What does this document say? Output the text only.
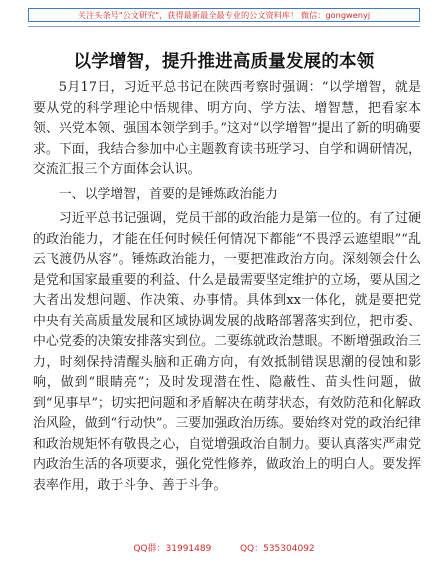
关注头条号"公文研究"，获得最新最全最专业的公文资料库！ 微信：gongwenyj
以学增智，提升推进高质量发展的本领

5月17日，习近平总书记在陕西考察时强调：“以学增智，就是要从党的科学理论中悟规律、明方向、学方法、增智慧，把看家本领、兴党本领、强国本领学到手。”这对“以学增智”提出了新的明确要求。下面，我结合参加中心主题教育读书班学习、自学和调研情况，交流汇报三个方面体会认识。

一、以学增智，首要的是锤炼政治能力

习近平总书记强调，党员干部的政治能力是第一位的。有了过硬的政治能力，才能在任何时候任何情况下都能“不畏浮云遮望眼”“乱云飞渡仍从容”。锤炼政治能力，一要把准政治方向。深刻领会什么是党和国家最重要的利益、什么是最需要坚定维护的立场，要从国之大者出发想问题、作决策、办事情。具体到xx一体化，就是要把党中央有关高质量发展和区域协调发展的战略部署落实到位，把市委、中心党委的决策安排落实到位。二要练就政治慧眼。不断增强政治三力，时刻保持清醒头脑和正确方向，有效抵制错误思潮的侵蚀和影响，做到“眼睛亮”；及时发现潜在性、隐蔽性、苗头性问题，做到“见事早”；切实把问题和矛盾解决在萌芽状态，有效防范和化解政治风险，做到“行动快”。三要加强政治历练。要始终对党的政治纪律和政治规矩怀有敬畏之心，自觉增强政治自制力。要认真落实严肃党内政治生活的各项要求，强化党性修养，做政治上的明白人。要发挥表率作用，敢于斗争、善于斗争。

QQ群：31991489	QQ：535304092
